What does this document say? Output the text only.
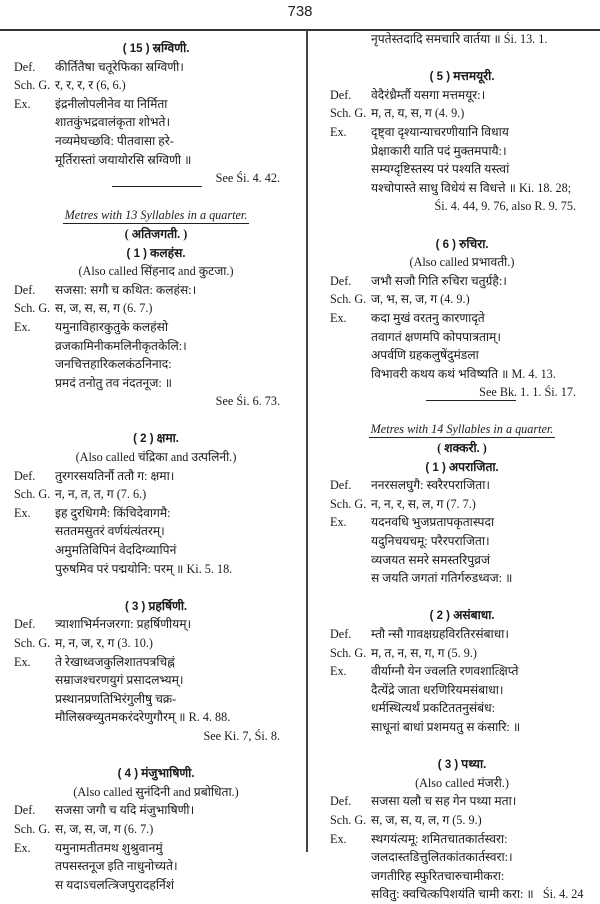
738
( 15 ) स्रग्विणी.
Def.	कीर्तितैषा चतूरेफिका स्रग्विणी।
Sch. G. र, र, र, र (6, 6.)
Ex.	इंद्रनीलोपलीनेव या निर्मिता
शातकुंभद्रवालंकृता शोभते।
नव्यमेघच्छवि: पीतवासा हरे-
मूर्तिरास्तां जयायोरसि स्रग्विणी ॥
See Śi. 4. 42.
Metres with 13 Syllables in a quarter.
( अतिजगती. )
( 1 ) कलहंस.
(Also called सिंहनाद and कुटजा.)
Def.	सजसा: सगौ च कथित: कलहंस:।
Sch. G. स, ज, स, स, ग (6. 7.)
Ex.	यमुनाविहारकुतुके कलहंसो
व्रजकामिनीकमलिनीकृतकेलि:।
जनचित्तहारिकलकंठनिनाद:
प्रमदं तनोतु तव नंदतनूज: ॥
See Śi. 6. 73.
( 2 ) क्षमा.
(Also called चंद्रिका and उत्पलिनी.)
Def.	तुरगरसयतिर्नौ ततौ ग: क्षमा।
Sch. G. न, न, त, त, ग (7. 6.)
Ex.	इह दुरधिगमै: किंचिदेवागमै:
सततमसुतरं वर्णयंत्यंतरम्।
अमुमतिविपिनं वेददिग्व्यापिनं
पुरुषमिव परं पद्मयोनि: परम् ॥ Ki. 5. 18.
( 3 ) प्रहर्षिणी.
Def.	त्र्याशाभिर्मनजरगा: प्रहर्षिणीयम्।
Sch. G. म, न, ज, र, ग (3. 10.)
Ex.	ते रेखाध्वजकुलिशातपत्रचिह्नं
सम्राजश्चरणयुगं प्रसादलभ्यम्।
प्रस्थानप्रणतिभिरंगुलीषु चक्र-
मौलिस्रक्च्युतमकरंदरेणुगौरम् ॥ R. 4. 88.
See Ki. 7, Śi. 8.
( 4 ) मंजुभाषिणी.
(Also called सुनंदिनी and प्रबोधिता.)
Def.	सजसा जगौ च यदि मंजुभाषिणी।
Sch. G. स, ज, स, ज, ग (6. 7.)
Ex.	यमुनामतीतमथ शुश्रुवानमुं
तपसस्तनूज इति नाधुनोच्यते।
स यदाऽचलत्त्रिजपुरादहर्निशं
नृपतेस्तदादि समचारि वार्तया ॥ Śi. 13. 1.
( 5 ) मत्तमयूरी.
Def.	वेदैरंध्रैर्म्तौ यसगा मत्तमयूर:।
Sch. G. म, त, य, स, ग (4. 9.)
Ex.	दृष्ट्वा दृश्यान्याचरणीयानि विधाय
प्रेक्षाकारी याति पदं मुक्तमपायै:।
सम्यग्दृष्टिस्तस्य परं पश्यति यस्त्वां
यश्चोपास्ते साधु विधेयं स विधत्ते ॥ Ki. 18. 28;
Śi. 4. 44, 9. 76, also R. 9. 75.
( 6 ) रुचिरा.
(Also called प्रभावती.)
Def.	जभौ सजौ गिति रुचिरा चतुर्ग्रहै:।
Sch. G. ज, भ, स, ज, ग (4. 9.)
Ex.	कदा मुखं वरतनु कारणादृते
तवागतं क्षणमपि कोपपात्रताम्।
अपर्वणि ग्रहकलुषेंदुमंडला
विभावरी कथय कथं भविष्यति ॥ M. 4. 13.
See Bk. 1. 1. Śi. 17.
Metres with 14 Syllables in a quarter.
( शक्करी. )
( 1 ) अपराजिता.
Def.	ननरसलघुगै: स्वरैरपराजिता।
Sch. G. न, न, र, स, ल, ग (7. 7.)
Ex.	यदनवधि भुजप्रतापकृतास्पदा
यदुनिचयचमू: परैरपराजिता।
व्यजयत समरे समस्तरिपुव्रजं
स जयति जगतां गतिर्गरुडध्वज: ॥
( 2 ) असंबाधा.
Def.	म्तौ न्सौ गावक्षग्रहविरतिरसंबाधा।
Sch. G. म, त, न, स, ग, ग (5. 9.)
Ex.	वीर्याग्नौ येन ज्वलति रणवशात्क्षिप्ते
दैत्येंद्रे जाता धरणिरियमसंबाधा।
धर्मस्थित्यर्थं प्रकटिततनुसंबंध:
साधूनां बाधां प्रशमयतु स कंसारि: ॥
( 3 ) पथ्या.
(Also called मंजरी.)
Def.	सजसा यलौ च सह गेन पथ्या मता।
Sch. G. स, ज, स, य, ल, ग (5. 9.)
Ex.	स्थगयंत्यमू: शमितचातकार्तस्वरा:
जलदास्तडित्तुलितकांतकार्तस्वरा:।
जगतीरिह स्फुरितचारुचामीकरा:
सवितु: क्वचित्कपिशयंति चामी करा: ॥   Śi. 4. 24
